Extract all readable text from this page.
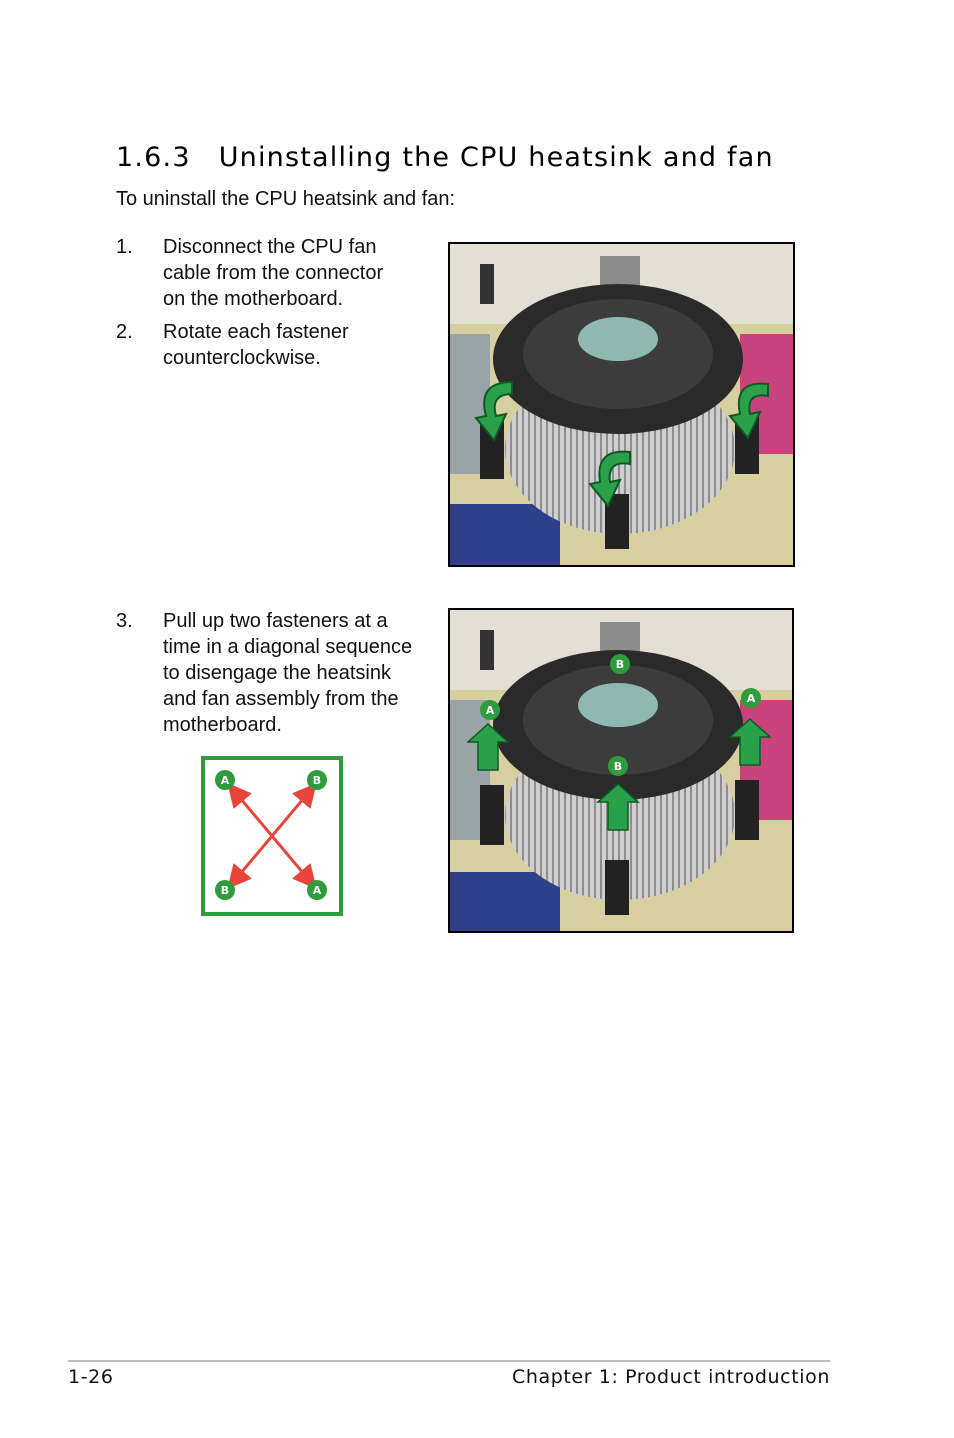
1.6.3 Uninstalling the CPU heatsink and fan
To uninstall the CPU heatsink and fan:
1. Disconnect the CPU fan
cable from the connector
on the motherboard.
2. Rotate each fastener
counterclockwise.
3. Pull up two fasteners at a
time in a diagonal sequence
to disengage the heatsink
and fan assembly from the
motherboard.
A
A
B
B
A	B
B	A
1-26	Chapter 1: Product introduction
